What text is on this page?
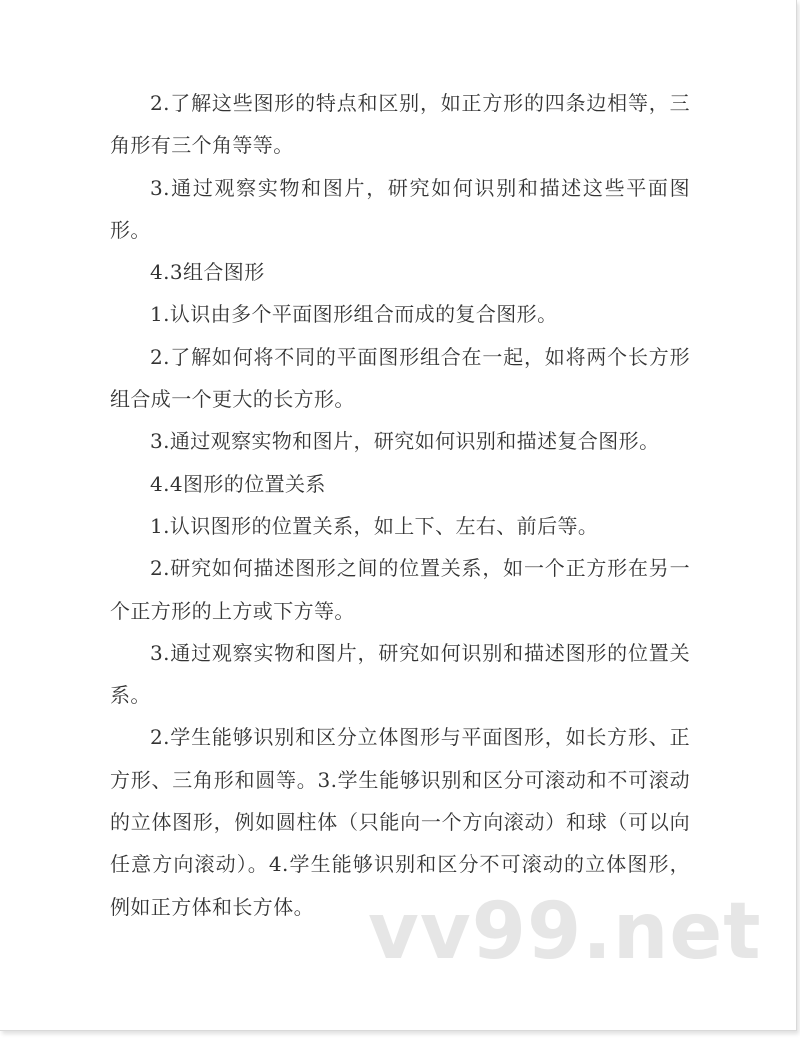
2.了解这些图形的特点和区别，如正方形的四条边相等，三角形有三个角等等。

3.通过观察实物和图片，研究如何识别和描述这些平面图形。

4.3组合图形

1.认识由多个平面图形组合而成的复合图形。

2.了解如何将不同的平面图形组合在一起，如将两个长方形组合成一个更大的长方形。

3.通过观察实物和图片，研究如何识别和描述复合图形。

4.4图形的位置关系

1.认识图形的位置关系，如上下、左右、前后等。

2.研究如何描述图形之间的位置关系，如一个正方形在另一个正方形的上方或下方等。

3.通过观察实物和图片，研究如何识别和描述图形的位置关系。

2.学生能够识别和区分立体图形与平面图形，如长方形、正方形、三角形和圆等。3.学生能够识别和区分可滚动和不可滚动的立体图形，例如圆柱体（只能向一个方向滚动）和球（可以向任意方向滚动）。4.学生能够识别和区分不可滚动的立体图形，例如正方体和长方体。 vv99.net
